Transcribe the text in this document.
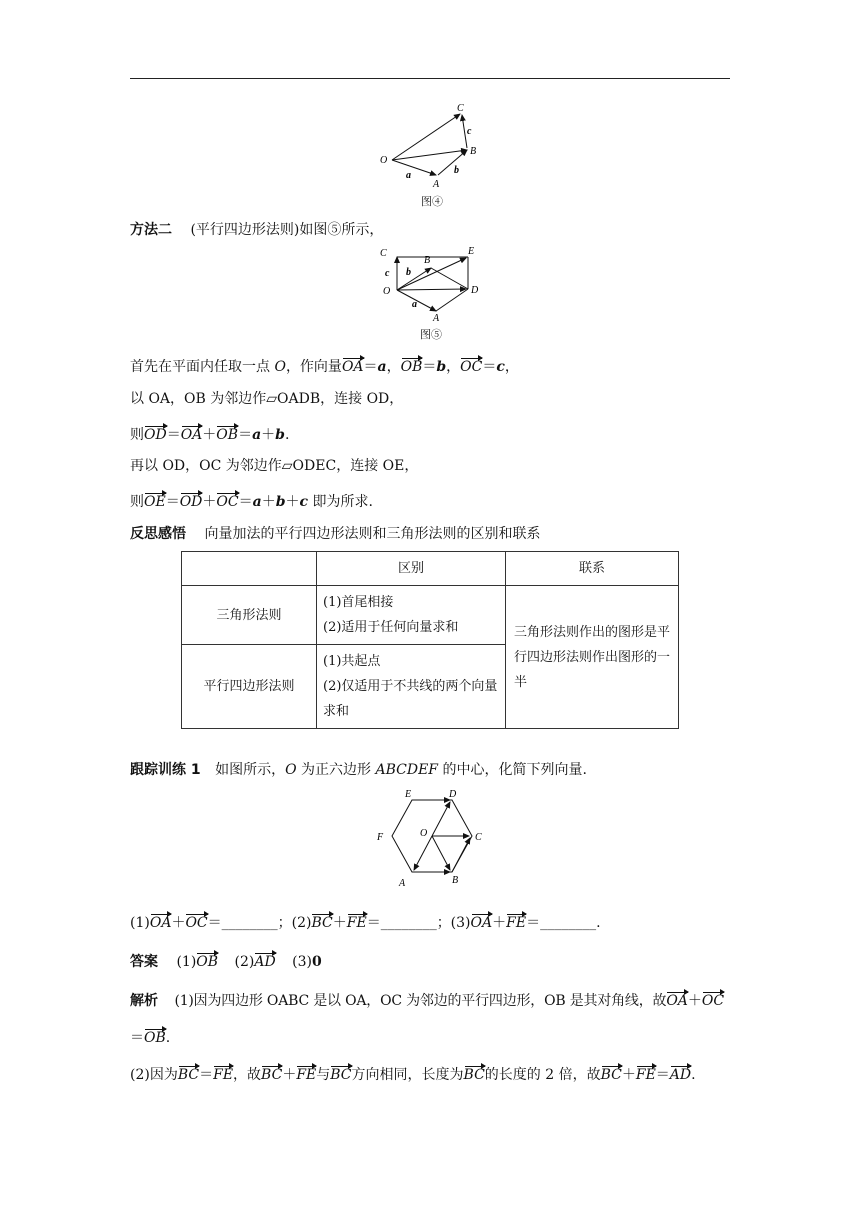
O
A
B
C
a	b
c
图④
方法二 (平行四边形法则)如图⑤所示，
O
A
B
C
D
E
a
b
c
图⑤
首先在平面内任取一点 O，作向量OA＝a，OB＝b，OC＝c，
以 OA，OB 为邻边作▱OADB，连接 OD，
则OD＝OA＋OB＝a＋b.
再以 OD，OC 为邻边作▱ODEC，连接 OE，
则OE＝OD＋OC＝a＋b＋c 即为所求.
反思感悟 向量加法的平行四边形法则和三角形法则的区别和联系
	区别	联系
三角形法则	(1)首尾相接
(2)适用于任何向量求和	三角形法则作出的图形是平行四边形法则作出图形的一半
平行四边形法则	(1)共起点
(2)仅适用于不共线的两个向量求和	
跟踪训练 1 如图所示，O 为正六边形 ABCDEF 的中心，化简下列向量.
A	B
C
D
E
F	O
(1)OA＋OC＝________；(2)BC＋FE＝________；(3)OA＋FE＝________.
答案 (1)OB (2)AD (3)0
解析 (1)因为四边形 OABC 是以 OA，OC 为邻边的平行四边形，OB 是其对角线，故OA＋OC
＝OB.
(2)因为BC＝FE，故BC＋FE与BC方向相同，长度为BC的长度的 2 倍，故BC＋FE＝AD.
